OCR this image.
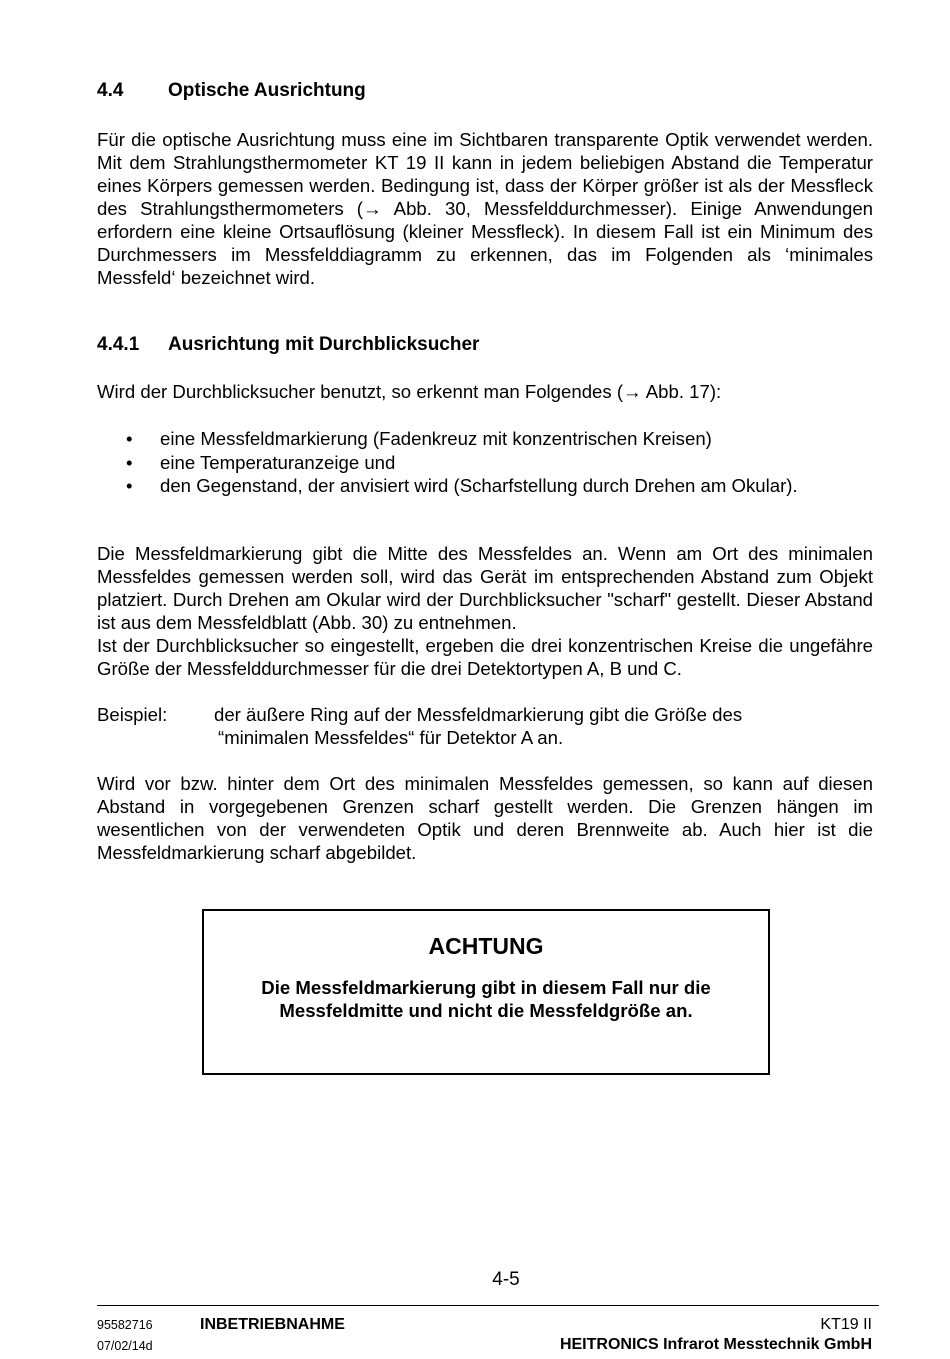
4.4 Optische Ausrichtung

Für die optische Ausrichtung muss eine im Sichtbaren transparente Optik verwendet werden. Mit dem Strahlungsthermometer KT 19 II kann in jedem beliebigen Abstand die Temperatur eines Körpers gemessen werden. Bedingung ist, dass der Körper größer ist als der Messfleck des Strahlungsthermometers (→ Abb. 30, Messfelddurchmesser). Einige Anwendungen erfordern eine kleine Ortsauflösung (kleiner Messfleck). In diesem Fall ist ein Minimum des Durchmessers im Messfelddiagramm zu erkennen, das im Folgenden als ‘minimales Messfeld‘ bezeichnet wird.

4.4.1 Ausrichtung mit Durchblicksucher

Wird der Durchblicksucher benutzt, so erkennt man Folgendes (→ Abb. 17):

• eine Messfeldmarkierung (Fadenkreuz mit konzentrischen Kreisen)
• eine Temperaturanzeige und
• den Gegenstand, der anvisiert wird (Scharfstellung durch Drehen am Okular).

Die Messfeldmarkierung gibt die Mitte des Messfeldes an. Wenn am Ort des minimalen Messfeldes gemessen werden soll, wird das Gerät im entsprechenden Abstand zum Objekt platziert. Durch Drehen am Okular wird der Durchblicksucher "scharf" gestellt. Dieser Abstand ist aus dem Messfeldblatt (Abb. 30) zu entnehmen.

Ist der Durchblicksucher so eingestellt, ergeben die drei konzentrischen Kreise die ungefähre Größe der Messfelddurchmesser für die drei Detektortypen A, B und C.

Beispiel:	der äußere Ring auf der Messfeldmarkierung gibt die Größe des
“minimalen Messfeldes“ für Detektor A an.

Wird vor bzw. hinter dem Ort des minimalen Messfeldes gemessen, so kann auf diesen Abstand in vorgegebenen Grenzen scharf gestellt werden. Die Grenzen hängen im wesentlichen von der verwendeten Optik und deren Brennweite ab. Auch hier ist die Messfeldmarkierung scharf abgebildet.

ACHTUNG
Die Messfeldmarkierung gibt in diesem Fall nur die
Messfeldmitte und nicht die Messfeldgröße an.
4-5
95582716
07/02/14d
INBETRIEBNAHME	KT19 II
HEITRONICS Infrarot Messtechnik GmbH
